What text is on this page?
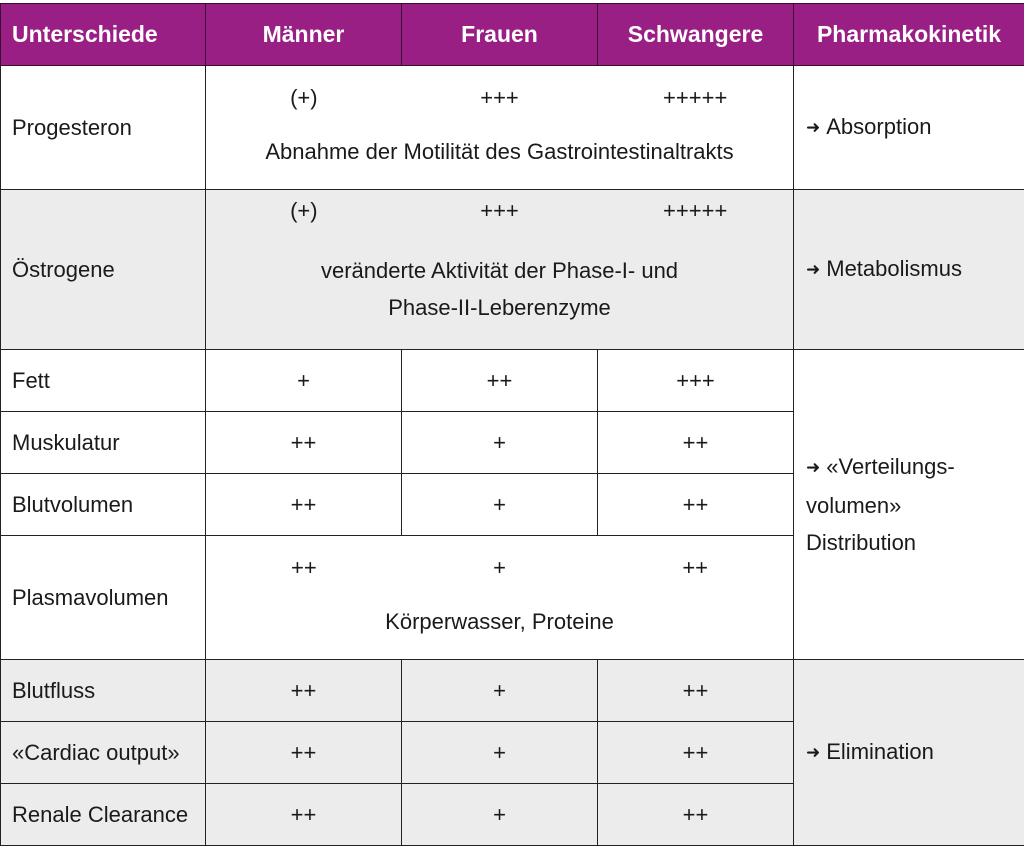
Unterschiede	Männer	Frauen	Schwangere	Pharmakokinetik
Progesteron	(+) +++ +++++
Abnahme der Motilität des Gastrointestinaltrakts			➜ Absorption
Östrogene	(+) +++ +++++
veränderte Aktivität der Phase-I- und
Phase-II-Leberenzyme			➜ Metabolismus
Fett	+	++	+++	➜ «Verteilungs-
volumen»
Distribution

Muskulatur	++	+	++	
Blutvolumen	++	+	++	
Plasmavolumen	++ + ++
Körperwasser, Proteine			

Blutfluss	++	+	++	➜ Elimination
«Cardiac output»	++	+	++	
Renale Clearance	++	+	++	
